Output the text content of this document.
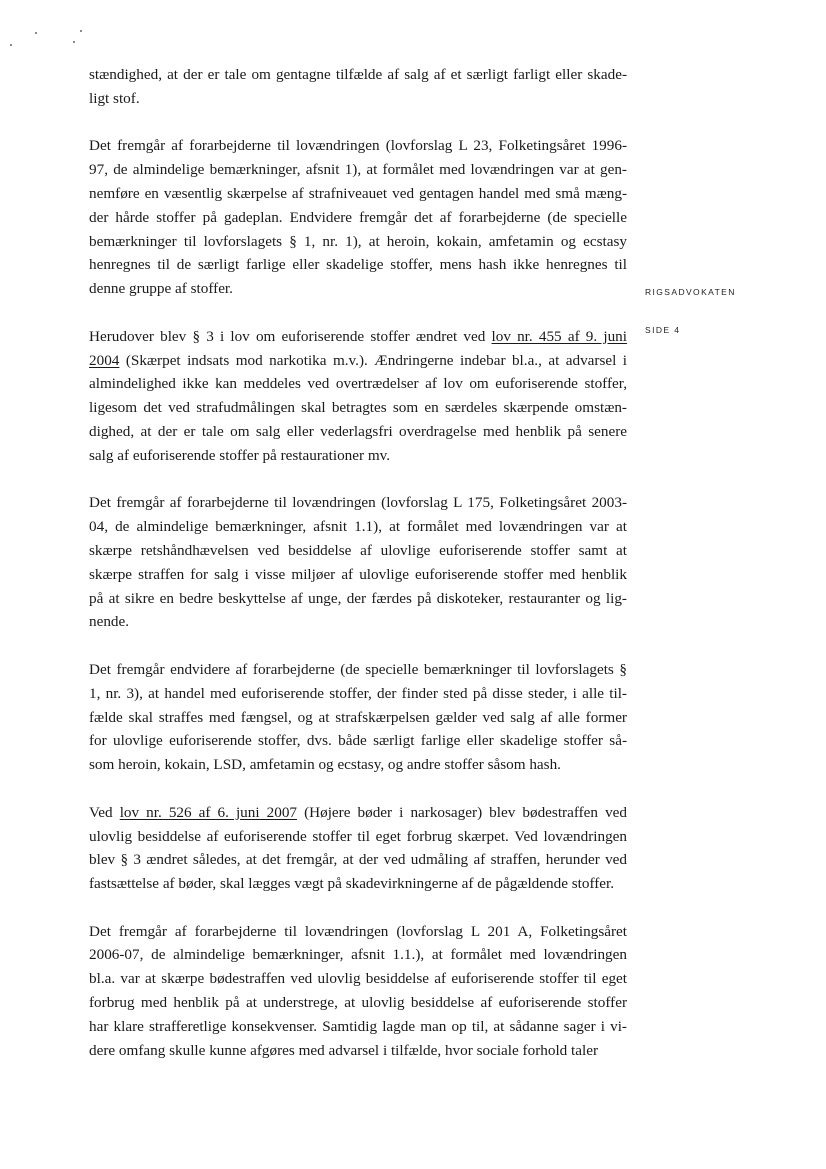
RIGSADVOKATEN
SIDE 4
stændighed, at der er tale om gentagne tilfælde af salg af et særligt farligt eller skade-
ligt stof.
Det fremgår af forarbejderne til lovændringen (lovforslag L 23, Folketingsåret 1996-
97, de almindelige bemærkninger, afsnit 1), at formålet med lovændringen var at gen-
nemføre en væsentlig skærpelse af strafniveauet ved gentagen handel med små mæng-
der hårde stoffer på gadeplan. Endvidere fremgår det af forarbejderne (de specielle
bemærkninger til lovforslagets § 1, nr. 1), at heroin, kokain, amfetamin og ecstasy
henregnes til de særligt farlige eller skadelige stoffer, mens hash ikke henregnes til
denne gruppe af stoffer.
Herudover blev § 3 i lov om euforiserende stoffer ændret ved lov nr. 455 af 9. juni
2004 (Skærpet indsats mod narkotika m.v.). Ændringerne indebar bl.a., at advarsel i
almindelighed ikke kan meddeles ved overtrædelser af lov om euforiserende stoffer,
ligesom det ved strafudmålingen skal betragtes som en særdeles skærpende omstæn-
dighed, at der er tale om salg eller vederlagsfri overdragelse med henblik på senere
salg af euforiserende stoffer på restaurationer mv.
Det fremgår af forarbejderne til lovændringen (lovforslag L 175, Folketingsåret 2003-
04, de almindelige bemærkninger, afsnit 1.1), at formålet med lovændringen var at
skærpe retshåndhævelsen ved besiddelse af ulovlige euforiserende stoffer samt at
skærpe straffen for salg i visse miljøer af ulovlige euforiserende stoffer med henblik
på at sikre en bedre beskyttelse af unge, der færdes på diskoteker, restauranter og lig-
nende.
Det fremgår endvidere af forarbejderne (de specielle bemærkninger til lovforslagets §
1, nr. 3), at handel med euforiserende stoffer, der finder sted på disse steder, i alle til-
fælde skal straffes med fængsel, og at strafskærpelsen gælder ved salg af alle former
for ulovlige euforiserende stoffer, dvs. både særligt farlige eller skadelige stoffer så-
som heroin, kokain, LSD, amfetamin og ecstasy, og andre stoffer såsom hash.
Ved lov nr. 526 af 6. juni 2007 (Højere bøder i narkosager) blev bødestraffen ved
ulovlig besiddelse af euforiserende stoffer til eget forbrug skærpet. Ved lovændringen
blev § 3 ændret således, at det fremgår, at der ved udmåling af straffen, herunder ved
fastsættelse af bøder, skal lægges vægt på skadevirkningerne af de pågældende stoffer.
Det fremgår af forarbejderne til lovændringen (lovforslag L 201 A, Folketingsåret
2006-07, de almindelige bemærkninger, afsnit 1.1.), at formålet med lovændringen
bl.a. var at skærpe bødestraffen ved ulovlig besiddelse af euforiserende stoffer til eget
forbrug med henblik på at understrege, at ulovlig besiddelse af euforiserende stoffer
har klare strafferetlige konsekvenser. Samtidig lagde man op til, at sådanne sager i vi-
dere omfang skulle kunne afgøres med advarsel i tilfælde, hvor sociale forhold taler
